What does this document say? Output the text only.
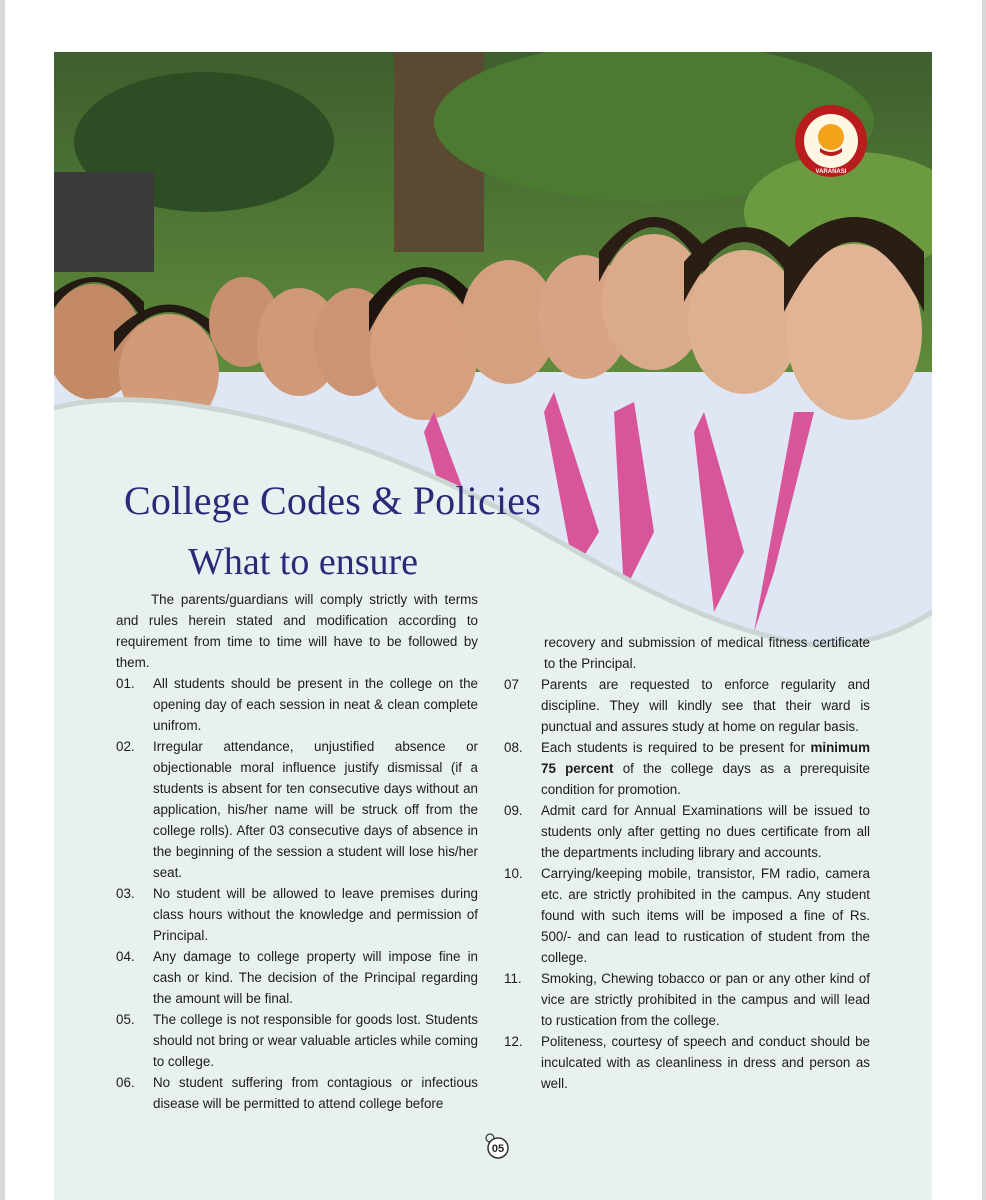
VARANASI
College Codes & Policies
What to ensure

The parents/guardians will comply strictly with terms and rules herein stated and modification according to requirement from time to time will have to be followed by them.

01.	All students should be present in the college on the opening day of each session in neat & clean complete unifrom.
02.	Irregular attendance, unjustified absence or objectionable moral influence justify dismissal (if a students is absent for ten consecutive days without an application, his/her name will be struck off from the college rolls). After 03 consecutive days of absence in the beginning of the session a student will lose his/her seat.
03.	No student will be allowed to leave premises during class hours without the knowledge and permission of Principal.
04.	Any damage to college property will impose fine in cash or kind. The decision of the Principal regarding the amount will be final.
05.	The college is not responsible for goods lost. Students should not bring or wear valuable articles while coming to college.
06.	No student suffering from contagious or infectious disease will be permitted to attend college before

recovery and submission of medical fitness certificate to the Principal.

07	Parents are requested to enforce regularity and discipline. They will kindly see that their ward is punctual and assures study at home on regular basis.
08.	Each students is required to be present for minimum 75 percent of the college days as a prerequisite condition for promotion.
09.	Admit card for Annual Examinations will be issued to students only after getting no dues certificate from all the departments including library and accounts.
10.	Carrying/keeping mobile, transistor, FM radio, camera etc. are strictly prohibited in the campus. Any student found with such items will be imposed a fine of Rs. 500/- and can lead to rustication of student from the college.
11.	Smoking, Chewing tobacco or pan or any other kind of vice are strictly prohibited in the campus and will lead to rustication from the college.
12.	Politeness, courtesy of speech and conduct should be inculcated with as cleanliness in dress and person as well.
05
